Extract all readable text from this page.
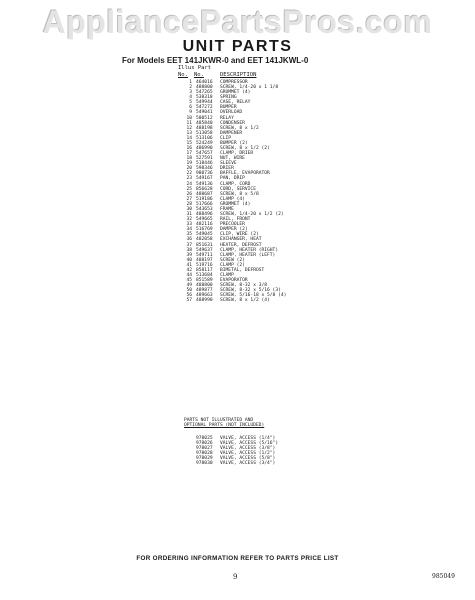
AppliancePartsPros.com
UNIT PARTS
For Models EET 141JKWR-0 and EET 141JKWL-0
Illus Part
No. No.	DESCRIPTION
1 464016 COMPRESSOR
2 488800 SCREW, 1/4-20 x 1 1/8
3 547265 GROMMET (4)
4 538318 SPRING
5 549944 CASE, RELAY
6 547272 BUMPER
9 549041 OVERLOAD
10 500512 RELAY
11 485840 CONDENSER
12 488198 SCREW, 8 x 1/2
13 513058 DAMPENER
14 513106 CLIP
15 524249 BUMPER (2)
16 486990 SCREW, 8 x 1/2 (2)
17 547657 CLAMP, DRIER
18 527591 NUT, WIRE
19 518446 SLEEVE
20 598346 DRIER
22 980736 BAFFLE, EVAPORATOR
23 549167 PAN, DRIP
24 549136 CLAMP, CORD
25 856628 CORD, SERVICE
26 488687 SCREW, 8 x 5/8
27 519186 CLAMP (4)
28 517666 GROMMET (4)
30 543653 FRAME
31 488496 SCREW, 1/4-20 x 1/2 (2)
32 549665 RAIL, FRONT
33 482116 PRECOOLER
34 516769 DAMPER (2)
35 549045 CLIP, WIRE (2)
36 482058 EXCHANGER, HEAT
37 851631 HEATER, DEFROST
38 549637 CLAMP, HEATER (RIGHT)
39 549711 CLAMP, HEATER (LEFT)
40 488197 SCREW (2)
41 519716 CLAMP (2)
42 858117 BIMETAL, DEFROST
44 513684 CLAMP
45 851589 EVAPORATOR
49 488800 SCREW, 8-32 x 3/8
50 489877 SCREW, 8-32 x 5/16 (3)
56 489663 SCREW, 5/16-18 x 5/8 (4)
57 488990 SCREW, 8 x 1/2 (4)
PARTS NOT ILLUSTRATED AND
OPTIONAL PARTS (NOT INCLUDED)
978025 VALVE, ACCESS (1/4")
978026 VALVE, ACCESS (5/16")
978027 VALVE, ACCESS (3/8")
978028 VALVE, ACCESS (1/2")
978029 VALVE, ACCESS (5/8")
978030 VALVE, ACCESS (3/4")
FOR ORDERING INFORMATION REFER TO PARTS PRICE LIST
9	985049
